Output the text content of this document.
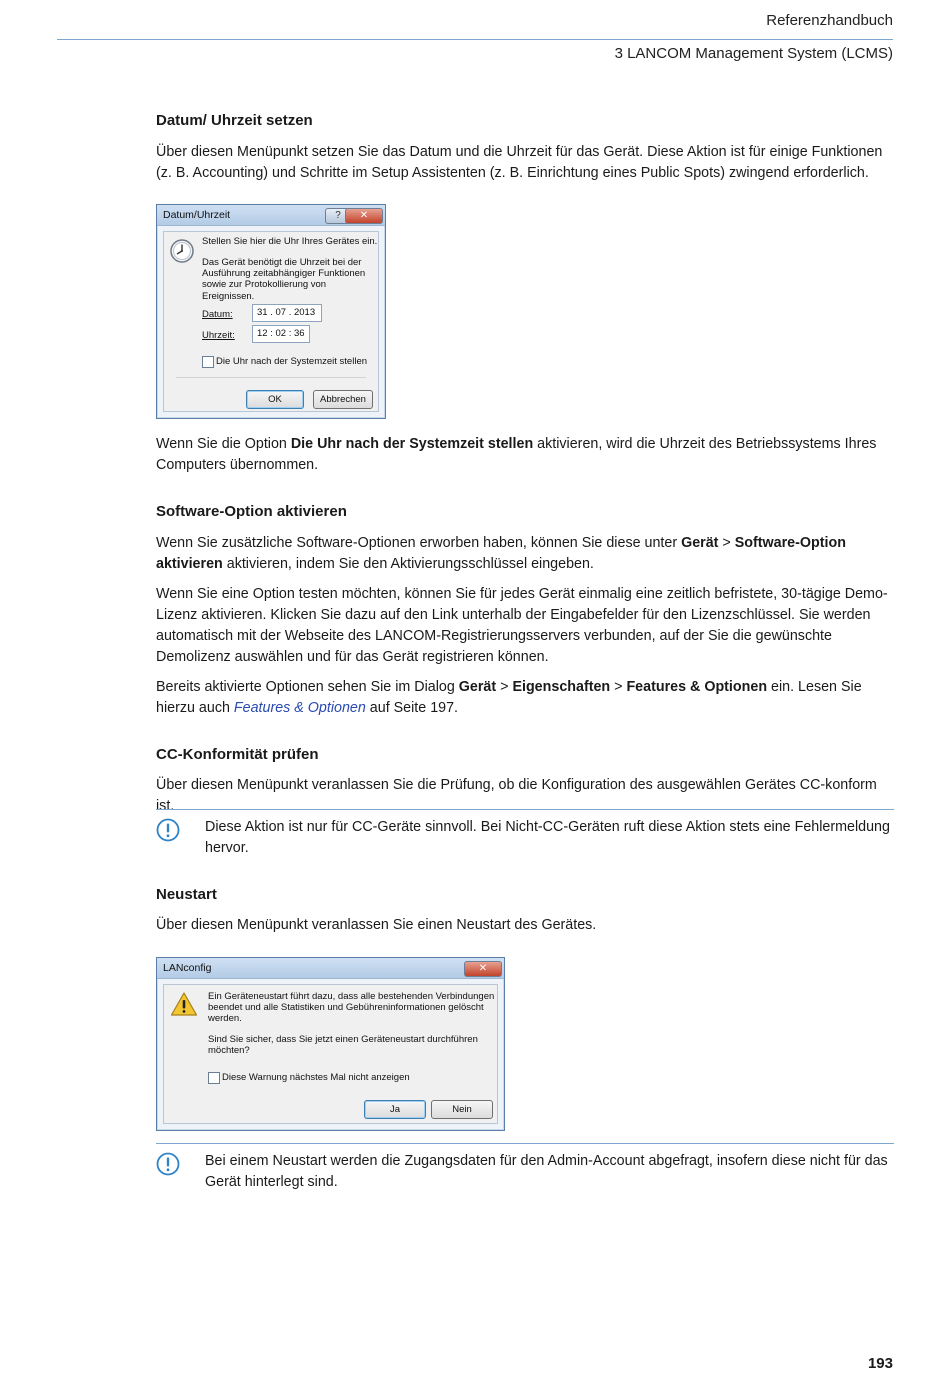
Referenzhandbuch
3 LANCOM Management System (LCMS)
Datum/ Uhrzeit setzen

Über diesen Menüpunkt setzen Sie das Datum und die Uhrzeit für das Gerät. Diese Aktion ist für einige Funktionen (z. B. Accounting) und Schritte im Setup Assistenten (z. B. Einrichtung eines Public Spots) zwingend erforderlich.

Datum/Uhrzeit	?	✕

Stellen Sie hier die Uhr Ihres Gerätes ein.

Das Gerät benötigt die Uhrzeit bei der

Ausführung zeitabhängiger Funktionen

sowie zur Protokollierung von Ereignissen.

Datum:	31 . 07 . 2013

Uhrzeit:	12 : 02 : 36

Die Uhr nach der Systemzeit stellen

OK	Abbrechen

Wenn Sie die Option Die Uhr nach der Systemzeit stellen aktivieren, wird die Uhrzeit des Betriebssystems Ihres Computers übernommen.

Software-Option aktivieren

Wenn Sie zusätzliche Software-Optionen erworben haben, können Sie diese unter Gerät > Software-Option aktivieren aktivieren, indem Sie den Aktivierungsschlüssel eingeben.

Wenn Sie eine Option testen möchten, können Sie für jedes Gerät einmalig eine zeitlich befristete, 30-tägige Demo-Lizenz aktivieren. Klicken Sie dazu auf den Link unterhalb der Eingabefelder für den Lizenzschlüssel. Sie werden automatisch mit der Webseite des LANCOM-Registrierungsservers verbunden, auf der Sie die gewünschte Demolizenz auswählen und für das Gerät registrieren können.

Bereits aktivierte Optionen sehen Sie im Dialog Gerät > Eigenschaften > Features & Optionen ein. Lesen Sie hierzu auch Features & Optionen auf Seite 197.

CC-Konformität prüfen

Über diesen Menüpunkt veranlassen Sie die Prüfung, ob die Konfiguration des ausgewählen Gerätes CC-konform ist.

Diese Aktion ist nur für CC-Geräte sinnvoll. Bei Nicht-CC-Geräten ruft diese Aktion stets eine Fehlermeldung hervor.

Neustart

Über diesen Menüpunkt veranlassen Sie einen Neustart des Gerätes.

LANconfig	✕

Ein Geräteneustart führt dazu, dass alle bestehenden Verbindungen

beendet und alle Statistiken und Gebühreninformationen gelöscht

werden.

Sind Sie sicher, dass Sie jetzt einen Geräteneustart durchführen

möchten?

Diese Warnung nächstes Mal nicht anzeigen

Ja	Nein

Bei einem Neustart werden die Zugangsdaten für den Admin-Account abgefragt, insofern diese nicht für das Gerät hinterlegt sind.

193
